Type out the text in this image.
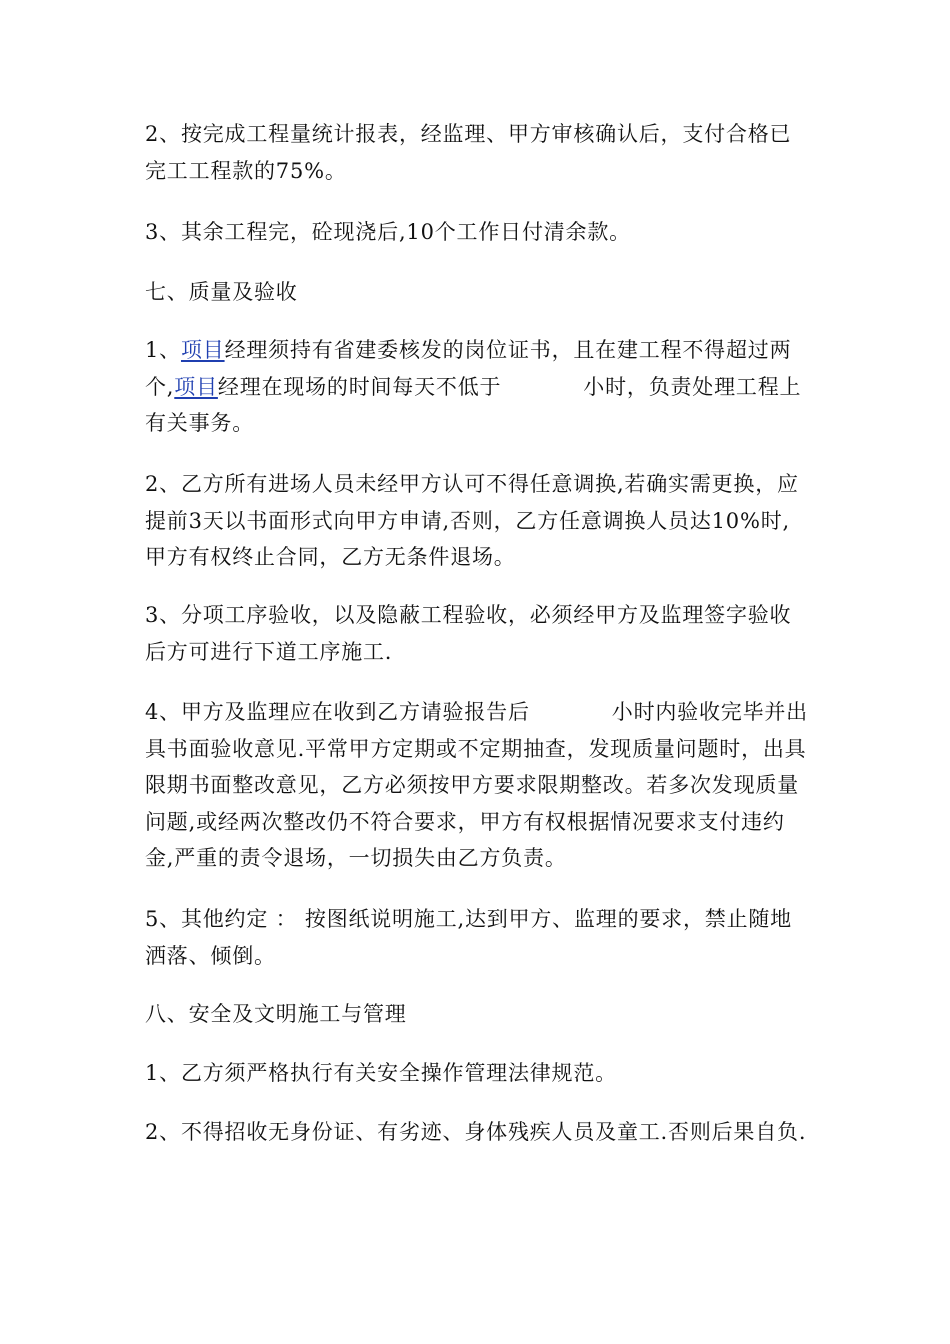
2、按完成工程量统计报表，经监理、甲方审核确认后，支付合格已完工工程款的75%。

3、其余工程完，砼现浇后,10个工作日付清余款。

七、质量及验收

1、项目经理须持有省建委核发的岗位证书，且在建工程不得超过两个,项目经理在现场的时间每天不低于	小时，负责处理工程上有关事务。

2、乙方所有进场人员未经甲方认可不得任意调换,若确实需更换，应提前3天以书面形式向甲方申请,否则，乙方任意调换人员达10%时,甲方有权终止合同，乙方无条件退场。

3、分项工序验收，以及隐蔽工程验收，必须经甲方及监理签字验收后方可进行下道工序施工.

4、甲方及监理应在收到乙方请验报告后	小时内验收完毕并出具书面验收意见.平常甲方定期或不定期抽查，发现质量问题时，出具限期书面整改意见，乙方必须按甲方要求限期整改。若多次发现质量问题,或经两次整改仍不符合要求，甲方有权根据情况要求支付违约金,严重的责令退场，一切损失由乙方负责。

5、其他约定 ： 按图纸说明施工,达到甲方、监理的要求，禁止随地洒落、倾倒。

八、安全及文明施工与管理

1、乙方须严格执行有关安全操作管理法律规范。

2、不得招收无身份证、有劣迹、身体残疾人员及童工.否则后果自负.
